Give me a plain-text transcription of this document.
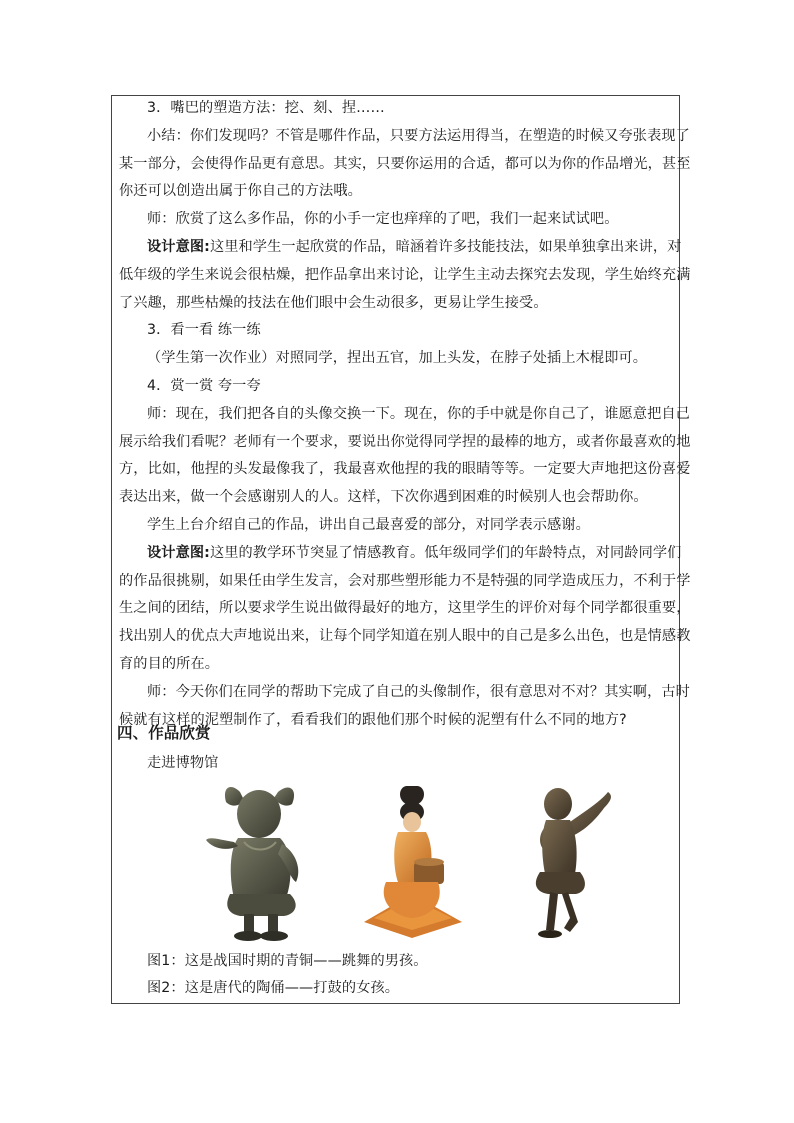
3．嘴巴的塑造方法：挖、刻、捏……
小结：你们发现吗？不管是哪件作品，只要方法运用得当，在塑造的时候又夸张表现了
某一部分，会使得作品更有意思。其实，只要你运用的合适，都可以为你的作品增光，甚至
你还可以创造出属于你自己的方法哦。
师：欣赏了这么多作品，你的小手一定也痒痒的了吧，我们一起来试试吧。
设计意图:这里和学生一起欣赏的作品，暗涵着许多技能技法，如果单独拿出来讲，对
低年级的学生来说会很枯燥，把作品拿出来讨论，让学生主动去探究去发现，学生始终充满
了兴趣，那些枯燥的技法在他们眼中会生动很多，更易让学生接受。
3．看一看 练一练
（学生第一次作业）对照同学，捏出五官，加上头发，在脖子处插上木棍即可。
4．赏一赏 夸一夸
师：现在，我们把各自的头像交换一下。现在，你的手中就是你自己了，谁愿意把自己
展示给我们看呢？老师有一个要求，要说出你觉得同学捏的最棒的地方，或者你最喜欢的地
方，比如，他捏的头发最像我了，我最喜欢他捏的我的眼睛等等。一定要大声地把这份喜爱
表达出来，做一个会感谢别人的人。这样，下次你遇到困难的时候别人也会帮助你。
学生上台介绍自己的作品，讲出自己最喜爱的部分，对同学表示感谢。
设计意图:这里的教学环节突显了情感教育。低年级同学们的年龄特点，对同龄同学们
的作品很挑剔，如果任由学生发言，会对那些塑形能力不是特强的同学造成压力，不利于学
生之间的团结，所以要求学生说出做得最好的地方，这里学生的评价对每个同学都很重要，
找出别人的优点大声地说出来，让每个同学知道在别人眼中的自己是多么出色，也是情感教
育的目的所在。
师：今天你们在同学的帮助下完成了自己的头像制作，很有意思对不对？其实啊，古时
候就有这样的泥塑制作了，看看我们的跟他们那个时候的泥塑有什么不同的地方?
四、作品欣赏
走进博物馆
图1：这是战国时期的青铜——跳舞的男孩。
图2：这是唐代的陶俑——打鼓的女孩。
